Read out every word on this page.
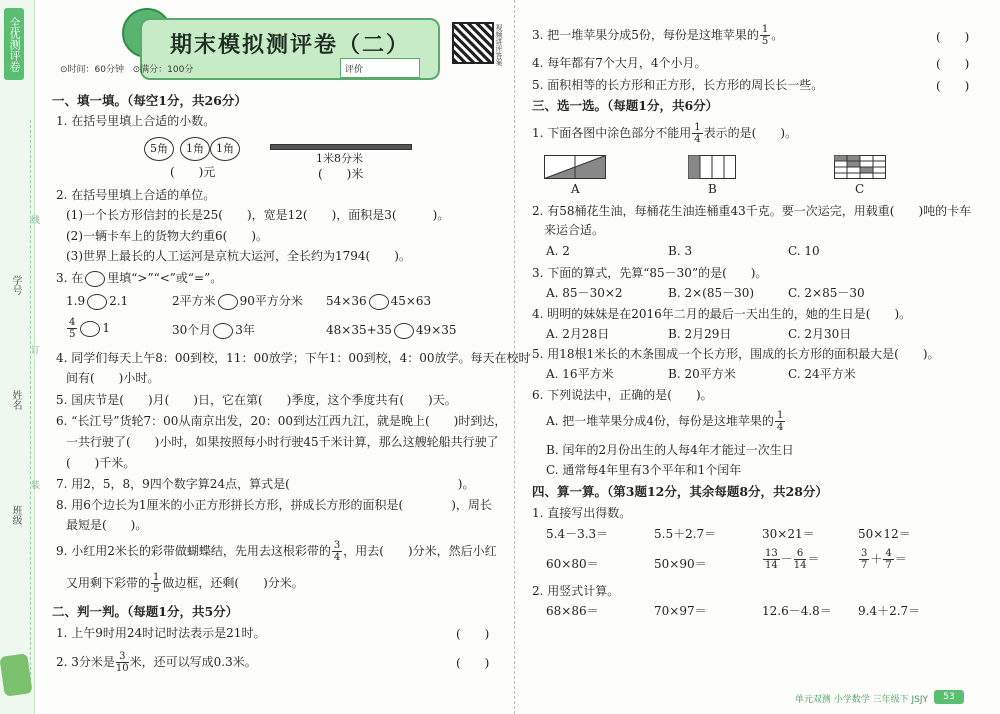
全优测评卷
学号
姓名
班级
线
订
装
期末模拟测评卷（二）
⊙时间：60分钟 ⊙满分：100分	评价
视频讲评答案
一、填一填。（每空1分，共26分）
1. 在括号里填上合适的小数。
5角	1角	1角
(　　)元
1米8分米
(　　)米
2. 在括号里填上合适的单位。
(1)一个长方形信封的长是25(　　)，宽是12(　　)，面积是3(　　　)。
(2)一辆卡车上的货物大约重6(　　)。
(3)世界上最长的人工运河是京杭大运河，全长约为1794(　　)。
3. 在 里填“>”“<”或“=”。
1.9 2.1	2平方米 90平方分米 54×36 45×63
$\frac{4}{5} 1$	30个月 3年	48×35+35 49×35
4. 同学们每天上午8：00到校，11：00放学；下午1：00到校，4：00放学。每天在校时
间有(　　)小时。
5. 国庆节是(　　)月(　　)日，它在第(　　)季度，这个季度共有(　　)天。
6. “长江号”货轮7：00从南京出发，20：00到达江西九江，就是晚上(　　)时到达，
一共行驶了(　　)小时，如果按照每小时行驶45千米计算，那么这艘轮船共行驶了
(　　)千米。
7. 用2，5，8，9四个数字算24点，算式是(　　　　　　　　　　　　　　)。
8. 用6个边长为1厘米的小正方形拼长方形，拼成长方形的面积是(　　　　)，周长
最短是(　　)。
9. 小红用2米长的彩带做蝴蝶结，先用去这根彩带的 $\frac{3}{4}$ ，用去(　　)分米，然后小红
又用剩下彩带的 $\frac{1}{5}$ 做边框，还剩(　　)分米。
二、判一判。（每题1分，共5分）
1. 上午9时用24时记时法表示是21时。	(　　)
2. 3分米是 $\frac{3}{10}$ 米，还可以写成0.3米。	(　　)
3. 把一堆苹果分成5份，每份是这堆苹果的 $\frac{1}{5}$ 。	(　　)
4. 每年都有7个大月，4个小月。	(　　)
5. 面积相等的长方形和正方形，长方形的周长长一些。	(　　)
三、选一选。（每题1分，共6分）
1. 下面各图中涂色部分不能用 $\frac{1}{4}$ 表示的是(　　)。
A	B	C
2. 有58桶花生油，每桶花生油连桶重43千克。要一次运完，用载重(　　)吨的卡车
来运合适。
A. 2	B. 3	C. 10
3. 下面的算式，先算“85－30”的是(　　)。
A. 85－30×2	B. 2×(85－30)	C. 2×85－30
4. 明明的妹妹是在2016年二月的最后一天出生的，她的生日是(　　)。
A. 2月28日	B. 2月29日	C. 2月30日
5. 用18根1米长的木条围成一个长方形，围成的长方形的面积最大是(　　)。
A. 16平方米	B. 20平方米	C. 24平方米
6. 下列说法中，正确的是(　　)。
A. 把一堆苹果分成4份，每份是这堆苹果的 $\frac{1}{4}$
B. 闰年的2月份出生的人每4年才能过一次生日
C. 通常每4年里有3个平年和1个闰年
四、算一算。（第3题12分，其余每题8分，共28分）
1. 直接写出得数。
5.4－3.3＝	5.5＋2.7＝	30×21＝	50×12＝
60×80＝	50×90＝	$\frac{13}{14} - \frac{6}{14}$ ＝	$\frac{3}{7} + \frac{4}{7}$ ＝
2. 用竖式计算。
68×86＝	70×97＝	12.6－4.8＝ 9.4＋2.7＝
单元双测 小学数学 三年级下 JSJY	53
